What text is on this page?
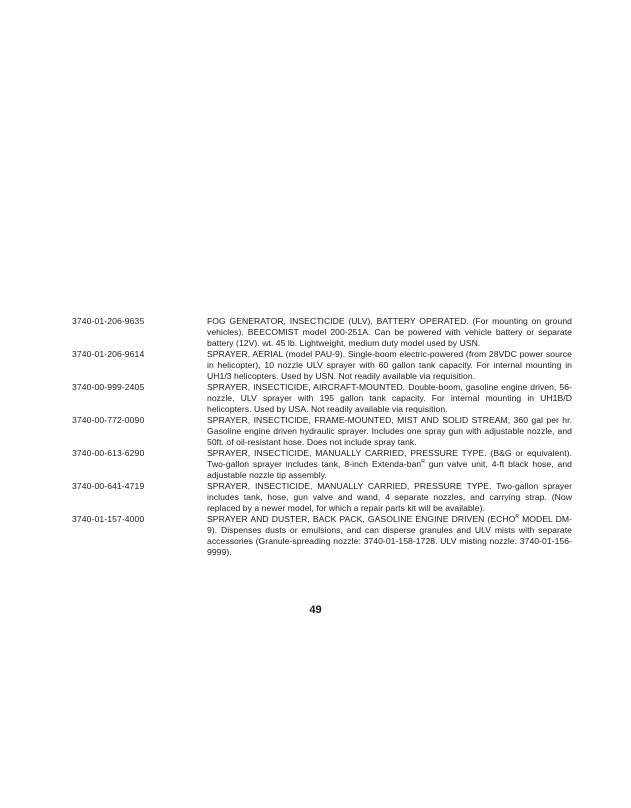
3740-01-206-9635	FOG GENERATOR, INSECTICIDE (ULV), BATTERY OPERATED. (For mounting on ground vehicles). BEECOMIST model 200-251A. Can be powered with vehicle battery or separate battery (12V). wt. 45 lb. Lightweight, medium duty model used by USN.
3740-01-206-9614	SPRAYER, AERIAL (model PAU-9). Single-boom electric-powered (from 28VDC power source in helicopter), 10 nozzle ULV sprayer with 60 gallon tank capacity. For internal mounting in UH1/3 helicopters. Used by USN. Not readily available via requisition.
3740-00-999-2405	SPRAYER, INSECTICIDE, AIRCRAFT-MOUNTED. Double-boom, gasoline engine driven, 56-nozzle, ULV sprayer with 195 gallon tank capacity. For internal mounting in UH1B/D helicopters. Used by USA. Not readily available via requisition.
3740-00-772-0090	SPRAYER, INSECTICIDE, FRAME-MOUNTED, MIST AND SOLID STREAM, 360 gal per hr. Gasoline engine driven hydraulic sprayer. Includes one spray gun with adjustable nozzle, and 50ft. of oil-resistant hose. Does not include spray tank.
3740-00-613-6290	SPRAYER, INSECTICIDE, MANUALLY CARRIED, PRESSURE TYPE. (B&G or equivalent). Two-gallon sprayer includes tank, 8-inch Extenda-ban$^R$ gun valve unit, 4-ft black hose, and adjustable nozzle tip assembly.
3740-00-641-4719	SPRAYER, INSECTICIDE, MANUALLY CARRIED, PRESSURE TYPE. Two-gallon sprayer includes tank, hose, gun valve and wand, 4 separate nozzles, and carrying strap. (Now replaced by a newer model, for which a repair parts kit will be available).
3740-01-157-4000	SPRAYER AND DUSTER, BACK PACK, GASOLINE ENGINE DRIVEN ($ECHO^R$ MODEL DM-9). Dispenses dusts or emulsions, and can disperse granules and ULV mists with separate accessories (Granule-spreading nozzle: 3740-01-158-1728. ULV misting nozzle: 3740-01-156-9999).
49
